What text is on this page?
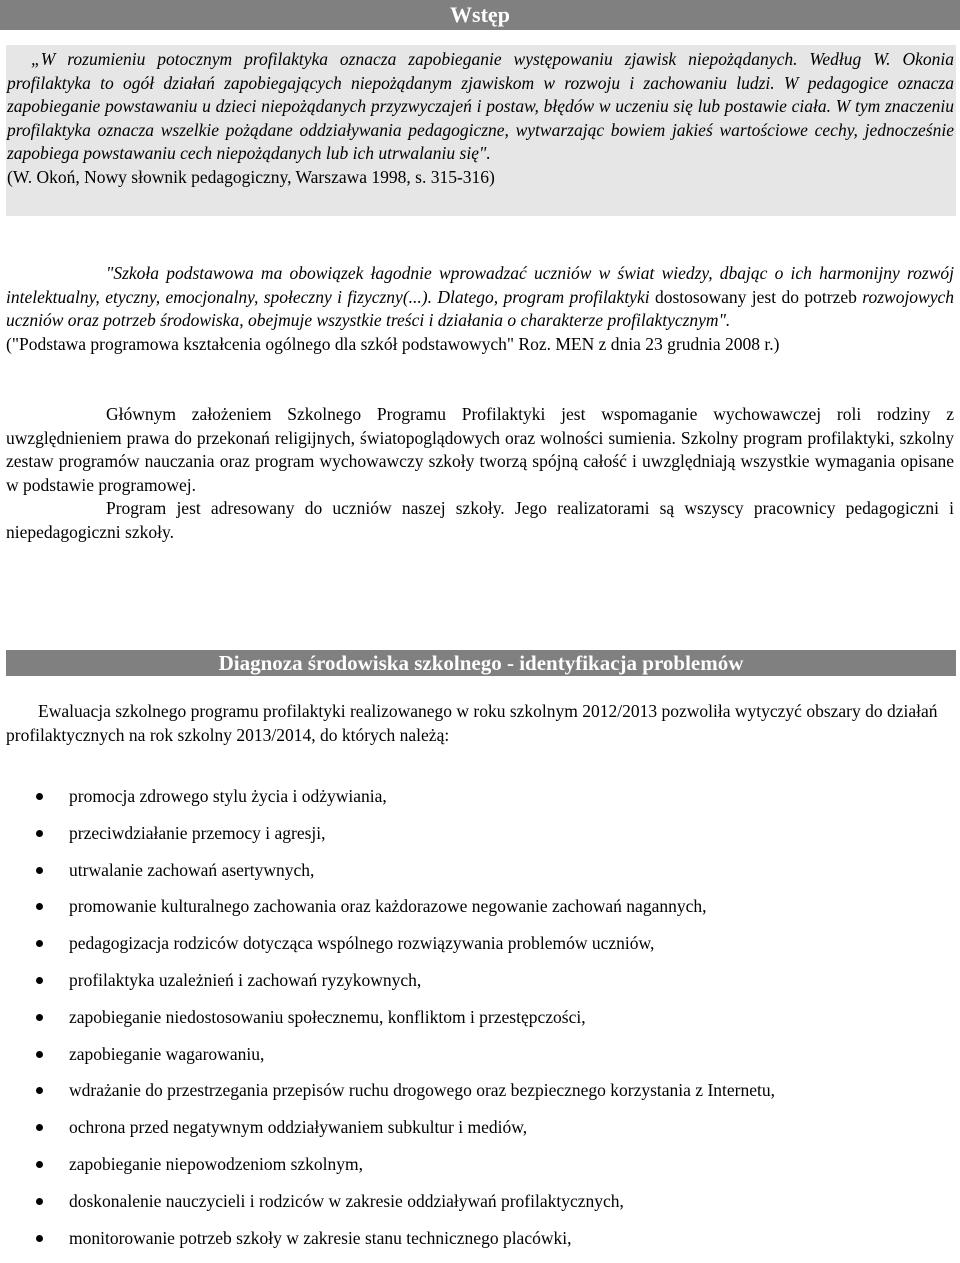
Wstęp
„W rozumieniu potocznym profilaktyka oznacza zapobieganie występowaniu zjawisk niepożądanych. Według W. Okonia profilaktyka to ogół działań zapobiegających niepożądanym zjawiskom w rozwoju i zachowaniu ludzi. W pedagogice oznacza zapobieganie powstawaniu u dzieci niepożądanych przyzwyczajeń i postaw, błędów w uczeniu się lub postawie ciała. W tym znaczeniu profilaktyka oznacza wszelkie pożądane oddziaływania pedagogiczne, wytwarzając bowiem jakieś wartościowe cechy, jednocześnie zapobiega powstawaniu cech niepożądanych lub ich utrwalaniu się".
(W. Okoń, Nowy słownik pedagogiczny, Warszawa 1998, s. 315-316)
"Szkoła podstawowa ma obowiązek łagodnie wprowadzać uczniów w świat wiedzy, dbając o ich harmonijny rozwój intelektualny, etyczny, emocjonalny, społeczny i fizyczny(...). Dlatego, program profilaktyki dostosowany jest do potrzeb rozwojowych uczniów oraz potrzeb środowiska, obejmuje wszystkie treści i działania o charakterze profilaktycznym".
("Podstawa programowa kształcenia ogólnego dla szkół podstawowych" Roz. MEN z dnia 23 grudnia 2008 r.)
Głównym założeniem Szkolnego Programu Profilaktyki jest wspomaganie wychowawczej roli rodziny z uwzględnieniem prawa do przekonań religijnych, światopoglądowych oraz wolności sumienia. Szkolny program profilaktyki, szkolny zestaw programów nauczania oraz program wychowawczy szkoły tworzą spójną całość i uwzględniają wszystkie wymagania opisane w podstawie programowej.
Program jest adresowany do uczniów naszej szkoły. Jego realizatorami są wszyscy pracownicy pedagogiczni i niepedagogiczni szkoły.
Diagnoza środowiska szkolnego - identyfikacja problemów
Ewaluacja szkolnego programu profilaktyki realizowanego w roku szkolnym 2012/2013 pozwoliła wytyczyć obszary do działań profilaktycznych na rok szkolny 2013/2014, do których należą:
promocja zdrowego stylu życia i odżywiania,
przeciwdziałanie przemocy i agresji,
utrwalanie zachowań asertywnych,
promowanie kulturalnego zachowania oraz każdorazowe negowanie zachowań nagannych,
pedagogizacja rodziców dotycząca wspólnego rozwiązywania problemów uczniów,
profilaktyka uzależnień i zachowań ryzykownych,
zapobieganie niedostosowaniu społecznemu, konfliktom i przestępczości,
zapobieganie wagarowaniu,
wdrażanie do przestrzegania przepisów ruchu drogowego oraz bezpiecznego korzystania z Internetu,
ochrona przed negatywnym oddziaływaniem subkultur i mediów,
zapobieganie niepowodzeniom szkolnym,
doskonalenie nauczycieli i rodziców w zakresie oddziaływań profilaktycznych,
monitorowanie potrzeb szkoły w zakresie stanu technicznego placówki,
